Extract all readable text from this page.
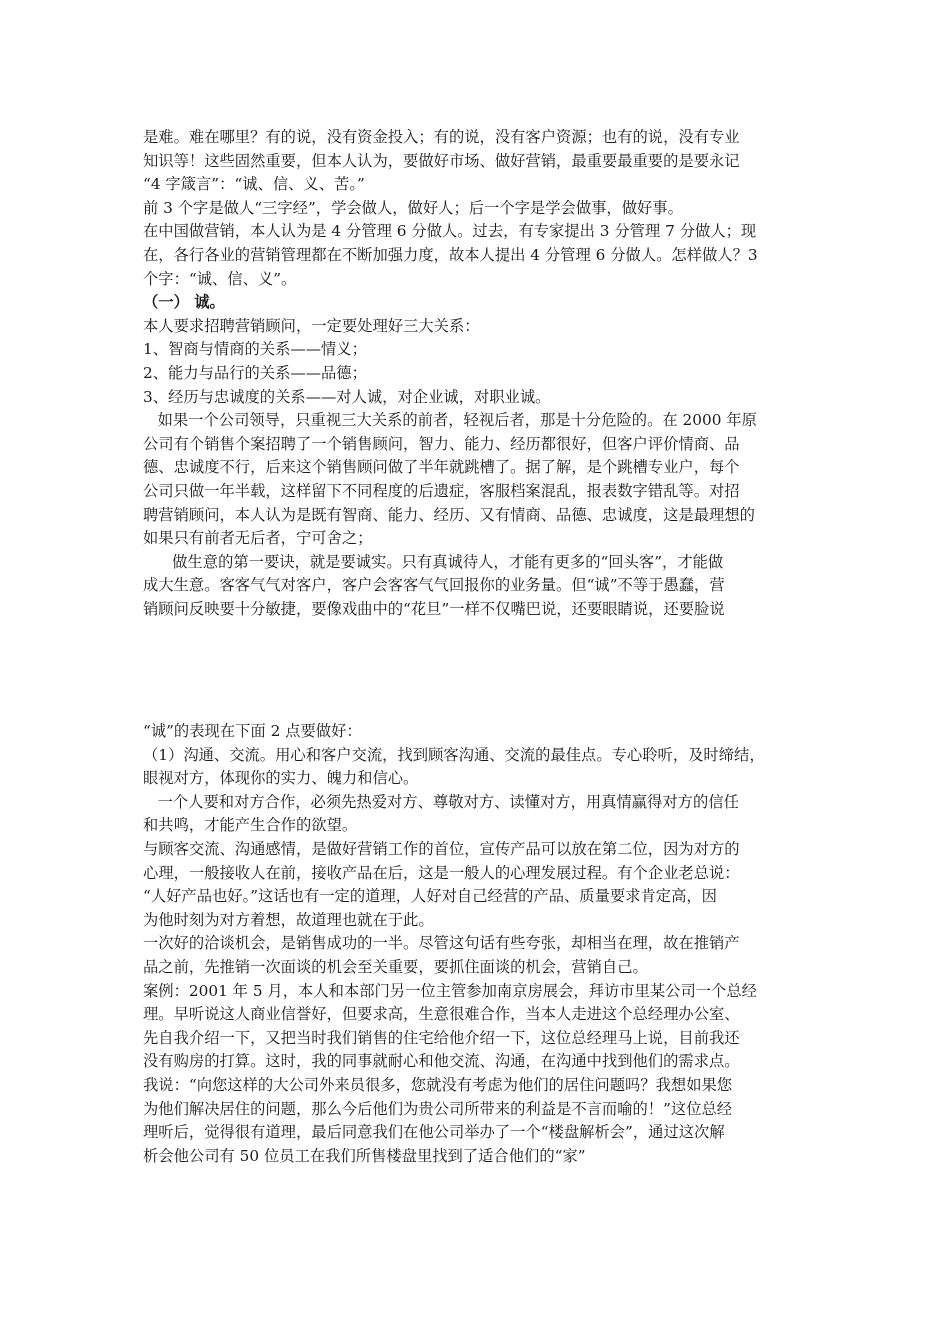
是难。难在哪里？有的说，没有资金投入；有的说，没有客户资源；也有的说，没有专业
知识等！这些固然重要，但本人认为，要做好市场、做好营销，最重要最重要的是要永记
“4 字箴言”：“诚、信、义、苦。”
前 3 个字是做人“三字经”，学会做人，做好人；后一个字是学会做事，做好事。
在中国做营销，本人认为是 4 分管理 6 分做人。过去，有专家提出 3 分管理 7 分做人；现
在，各行各业的营销管理都在不断加强力度，故本人提出 4 分管理 6 分做人。怎样做人？3
个字：“诚、信、义”。
（一） 诚。
本人要求招聘营销顾问，一定要处理好三大关系：
1、智商与情商的关系——情义；
2、能力与品行的关系——品德；
3、经历与忠诚度的关系——对人诚，对企业诚，对职业诚。
如果一个公司领导，只重视三大关系的前者，轻视后者，那是十分危险的。在 2000 年原
公司有个销售个案招聘了一个销售顾问，智力、能力、经历都很好，但客户评价情商、品
德、忠诚度不行，后来这个销售顾问做了半年就跳槽了。据了解，是个跳槽专业户，每个
公司只做一年半载，这样留下不同程度的后遗症，客服档案混乱，报表数字错乱等。对招
聘营销顾问，本人认为是既有智商、能力、经历、又有情商、品德、忠诚度，这是最理想的
如果只有前者无后者，宁可舍之；
做生意的第一要诀，就是要诚实。只有真诚待人，才能有更多的“回头客”，才能做
成大生意。客客气气对客户，客户会客客气气回报你的业务量。但“诚”不等于愚蠢，营
销顾问反映要十分敏捷，要像戏曲中的“花旦”一样不仅嘴巴说，还要眼睛说，还要脸说
“诚”的表现在下面 2 点要做好：
（1）沟通、交流。用心和客户交流，找到顾客沟通、交流的最佳点。专心聆听，及时缔结，
眼视对方，体现你的实力、魄力和信心。
一个人要和对方合作，必须先热爱对方、尊敬对方、读懂对方，用真情赢得对方的信任
和共鸣，才能产生合作的欲望。
与顾客交流、沟通感情，是做好营销工作的首位，宣传产品可以放在第二位，因为对方的
心理，一般接收人在前，接收产品在后，这是一般人的心理发展过程。有个企业老总说：
“人好产品也好。”这话也有一定的道理，人好对自己经营的产品、质量要求肯定高，因
为他时刻为对方着想，故道理也就在于此。
一次好的洽谈机会，是销售成功的一半。尽管这句话有些夸张，却相当在理，故在推销产
品之前，先推销一次面谈的机会至关重要，要抓住面谈的机会，营销自己。
案例：2001 年 5 月，本人和本部门另一位主管参加南京房展会，拜访市里某公司一个总经
理。早听说这人商业信誉好，但要求高，生意很难合作，当本人走进这个总经理办公室、
先自我介绍一下，又把当时我们销售的住宅给他介绍一下，这位总经理马上说，目前我还
没有购房的打算。这时，我的同事就耐心和他交流、沟通，在沟通中找到他们的需求点。
我说：“向您这样的大公司外来员很多，您就没有考虑为他们的居住问题吗？我想如果您
为他们解决居住的问题，那么今后他们为贵公司所带来的利益是不言而喻的！”这位总经
理听后，觉得很有道理，最后同意我们在他公司举办了一个“楼盘解析会”，通过这次解
析会他公司有 50 位员工在我们所售楼盘里找到了适合他们的“家”
